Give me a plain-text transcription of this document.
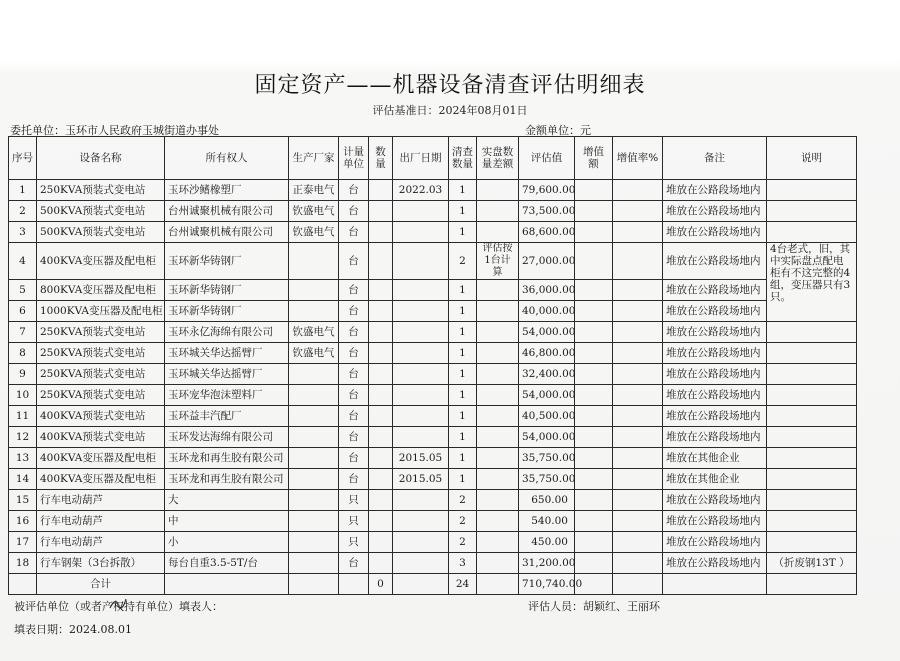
固定资产——机器设备清查评估明细表
评估基准日：2024年08月01日
委托单位：玉环市人民政府玉城街道办事处	金额单位：元
序号	设备名称	所有权人	生产厂家	计量单位	数量	出厂日期	清查数量	实盘数量差额	评估值	增值额	增值率%	备注	说明
1	250KVA预装式变电站	玉环沙鳍橡塑厂	正泰电气	台		2022.03	1		79,600.00			堆放在公路段场地内	
2	500KVA预装式变电站	台州诚聚机械有限公司	钦盛电气	台			1		73,500.00			堆放在公路段场地内	
3	500KVA预装式变电站	台州诚聚机械有限公司	钦盛电气	台			1		68,600.00			堆放在公路段场地内	
4	400KVA变压器及配电柜	玉环新华铸钢厂		台			2	评估按1台计算	27,000.00			堆放在公路段场地内	4台老式，旧，其中实际盘点配电柜有不这完整的4组，变压器只有3只。
5	800KVA变压器及配电柜	玉环新华铸钢厂		台			1		36,000.00			堆放在公路段场地内	
6	1000KVA变压器及配电柜	玉环新华铸钢厂		台			1		40,000.00			堆放在公路段场地内	
7	250KVA预装式变电站	玉环永亿海绵有限公司	钦盛电气	台			1		54,000.00			堆放在公路段场地内	
8	250KVA预装式变电站	玉环城关华达摇臂厂	钦盛电气	台			1		46,800.00			堆放在公路段场地内	
9	250KVA预装式变电站	玉环城关华达摇臂厂		台			1		32,400.00			堆放在公路段场地内	
10	250KVA预装式变电站	玉环宠华泡沫塑料厂		台			1		54,000.00			堆放在公路段场地内	
11	400KVA预装式变电站	玉环益丰汽配厂		台			1		40,500.00			堆放在公路段场地内	
12	400KVA预装式变电站	玉环发达海绵有限公司		台			1		54,000.00			堆放在公路段场地内	
13	400KVA变压器及配电柜	玉环龙和再生胶有限公司		台		2015.05	1		35,750.00			堆放在其他企业	
14	400KVA变压器及配电柜	玉环龙和再生胶有限公司		台		2015.05	1		35,750.00			堆放在其他企业	
15	行车电动葫芦	大		只			2		650.00			堆放在公路段场地内	
16	行车电动葫芦	中		只			2		540.00			堆放在公路段场地内	
17	行车电动葫芦	小		只			2		450.00			堆放在公路段场地内	
18	行车钢架（3台拆散）	每台自重3.5-5T/台		台			3		31,200.00			堆放在公路段场地内	（折废钢13T ）
	合计				0		24		710,740.00				
被评估单位（或者产权持有单位）填表人：	评估人员：胡颖红、王丽环
填表日期：2024.08.01
